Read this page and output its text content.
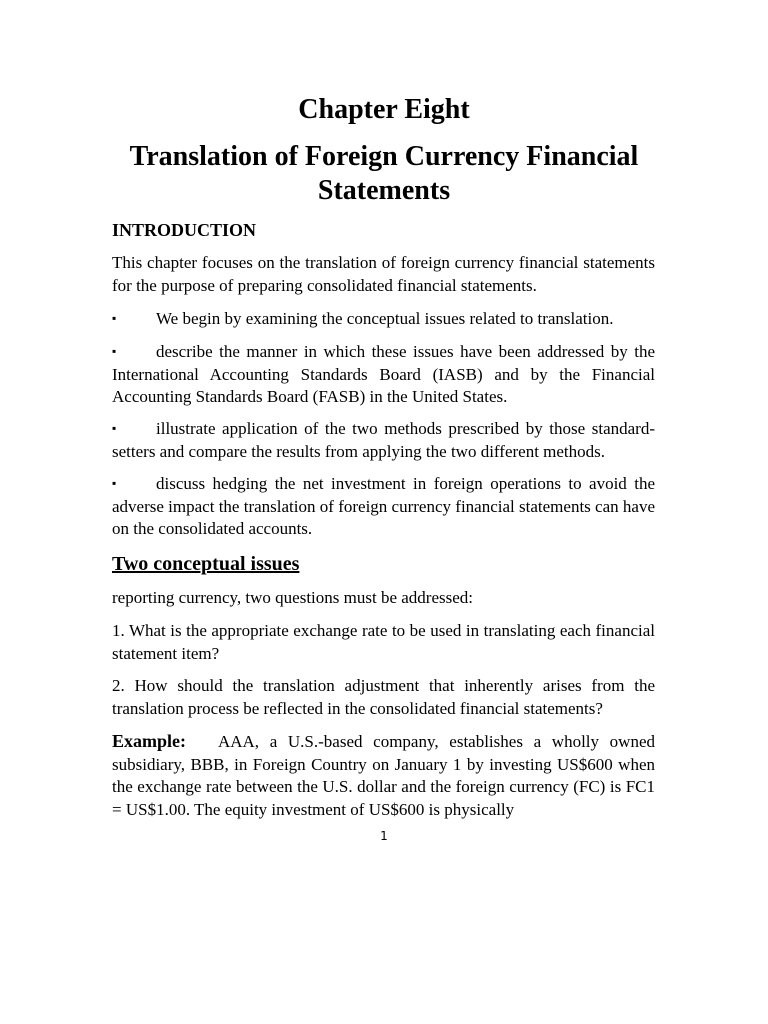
Chapter Eight
Translation of Foreign Currency Financial Statements
INTRODUCTION

This chapter focuses on the translation of foreign currency financial statements for the purpose of preparing consolidated financial statements.

▪ We begin by examining the conceptual issues related to translation.

▪ describe the manner in which these issues have been addressed by the International Accounting Standards Board (IASB) and by the Financial Accounting Standards Board (FASB) in the United States.

▪ illustrate application of the two methods prescribed by those standard-setters and compare the results from applying the two different methods.

▪ discuss hedging the net investment in foreign operations to avoid the adverse impact the translation of foreign currency financial statements can have on the consolidated accounts.

Two conceptual issues

reporting currency, two questions must be addressed:

1. What is the appropriate exchange rate to be used in translating each financial statement item?

2. How should the translation adjustment that inherently arises from the translation process be reflected in the consolidated financial statements?

Example: AAA, a U.S.-based company, establishes a wholly owned subsidiary, BBB, in Foreign Country on January 1 by investing US$600 when the exchange rate between the U.S. dollar and the foreign currency (FC) is FC1 = US$1.00. The equity investment of US$600 is physically

1
